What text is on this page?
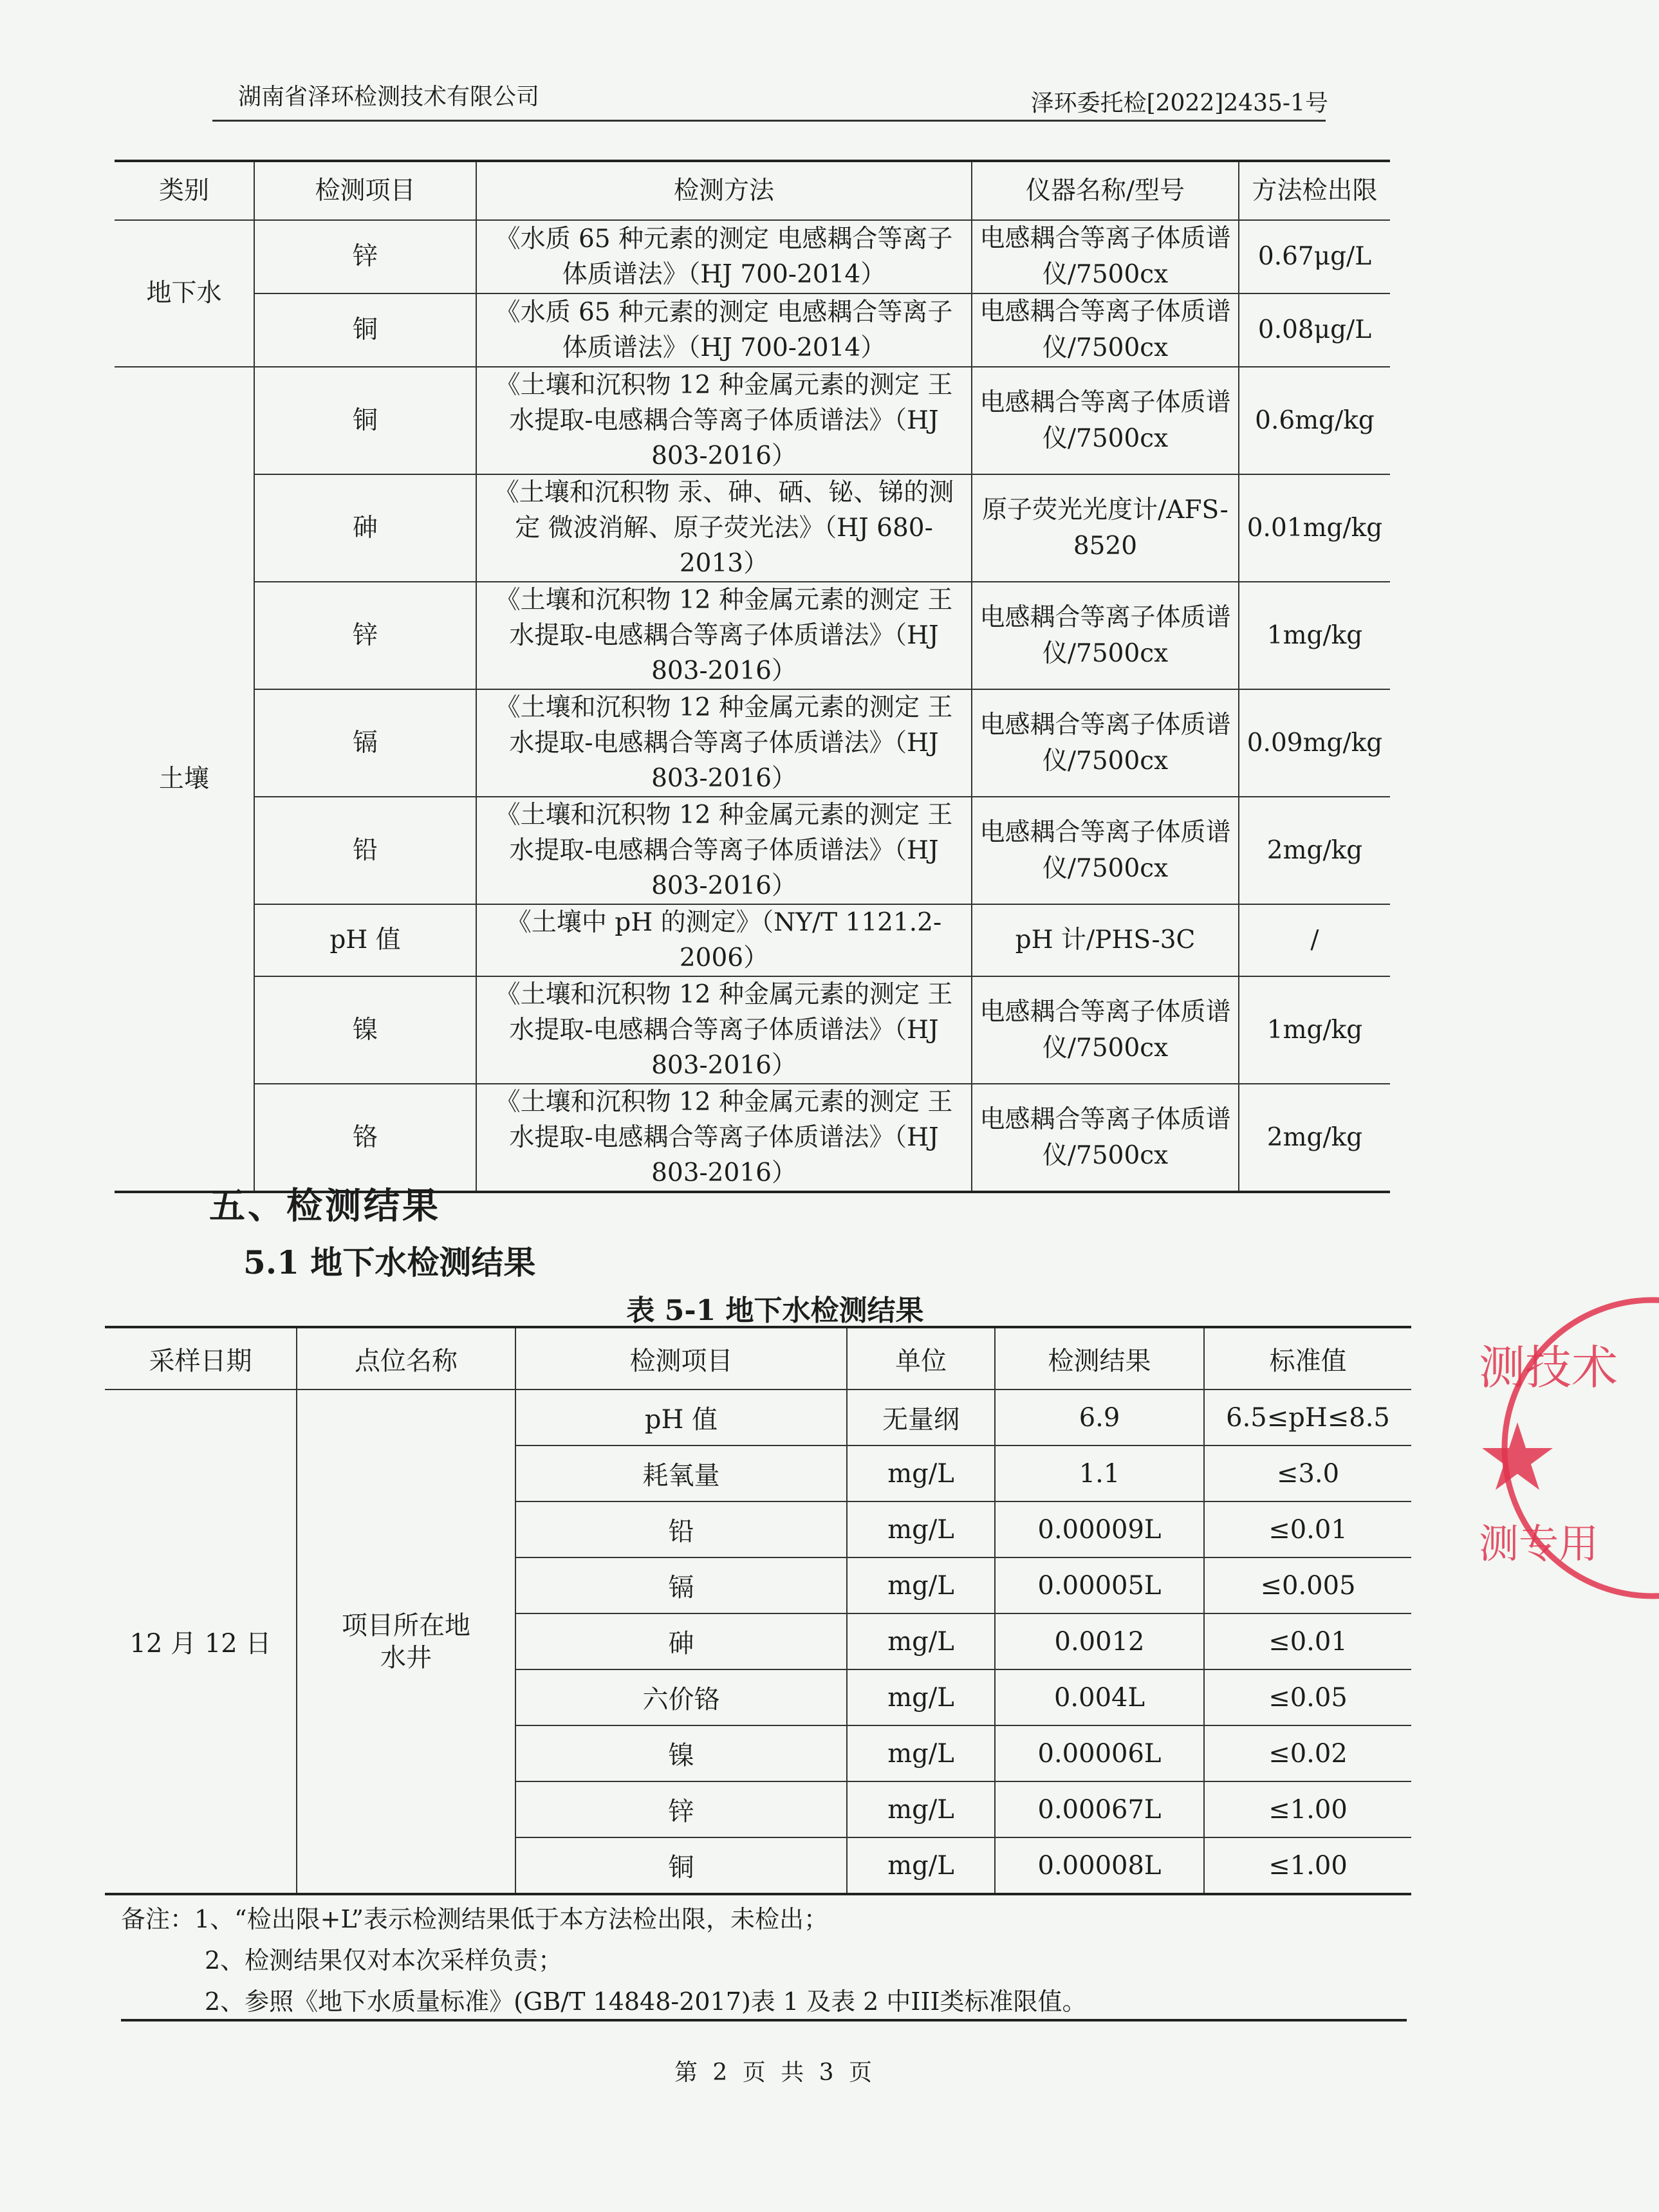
湖南省泽环检测技术有限公司	泽环委托检[2022]2435-1号
类别	检测项目	检测方法	仪器名称/型号	方法检出限
地下水	锌	《水质 65 种元素的测定 电感耦合等离子体质谱法》（HJ 700-2014）	电感耦合等离子体质谱仪/7500cx	0.67μg/L
	铜	《水质 65 种元素的测定 电感耦合等离子体质谱法》（HJ 700-2014）	电感耦合等离子体质谱仪/7500cx	0.08μg/L
土壤	铜	《土壤和沉积物 12 种金属元素的测定 王水提取-电感耦合等离子体质谱法》（HJ 803-2016）	电感耦合等离子体质谱仪/7500cx	0.6mg/kg
	砷	《土壤和沉积物 汞、砷、硒、铋、锑的测定 微波消解、原子荧光法》（HJ 680-2013）	原子荧光光度计/AFS-8520	0.01mg/kg
	锌	《土壤和沉积物 12 种金属元素的测定 王水提取-电感耦合等离子体质谱法》（HJ 803-2016）	电感耦合等离子体质谱仪/7500cx	1mg/kg
	镉	《土壤和沉积物 12 种金属元素的测定 王水提取-电感耦合等离子体质谱法》（HJ 803-2016）	电感耦合等离子体质谱仪/7500cx	0.09mg/kg
	铅	《土壤和沉积物 12 种金属元素的测定 王水提取-电感耦合等离子体质谱法》（HJ 803-2016）	电感耦合等离子体质谱仪/7500cx	2mg/kg
	pH 值	《土壤中 pH 的测定》（NY/T 1121.2-2006）	pH 计/PHS-3C	/
	镍	《土壤和沉积物 12 种金属元素的测定 王水提取-电感耦合等离子体质谱法》（HJ 803-2016）	电感耦合等离子体质谱仪/7500cx	1mg/kg
	铬	《土壤和沉积物 12 种金属元素的测定 王水提取-电感耦合等离子体质谱法》（HJ 803-2016）	电感耦合等离子体质谱仪/7500cx	2mg/kg
五、检测结果
5.1 地下水检测结果
表 5-1 地下水检测结果
采样日期	点位名称	检测项目	单位	检测结果	标准值
12 月 12 日	项目所在地水井	pH 值	无量纲	6.9	6.5≤pH≤8.5
		耗氧量	mg/L	1.1	≤3.0
		铅	mg/L	0.00009L	≤0.01
		镉	mg/L	0.00005L	≤0.005
		砷	mg/L	0.0012	≤0.01
		六价铬	mg/L	0.004L	≤0.05
		镍	mg/L	0.00006L	≤0.02
		锌	mg/L	0.00067L	≤1.00
		铜	mg/L	0.00008L	≤1.00
备注：1、“检出限+L”表示检测结果低于本方法检出限，未检出；
2、检测结果仅对本次采样负责；
2、参照《地下水质量标准》(GB/T 14848-2017)表 1 及表 2 中III类标准限值。
第 2 页 共 3 页
测技术
测专用
